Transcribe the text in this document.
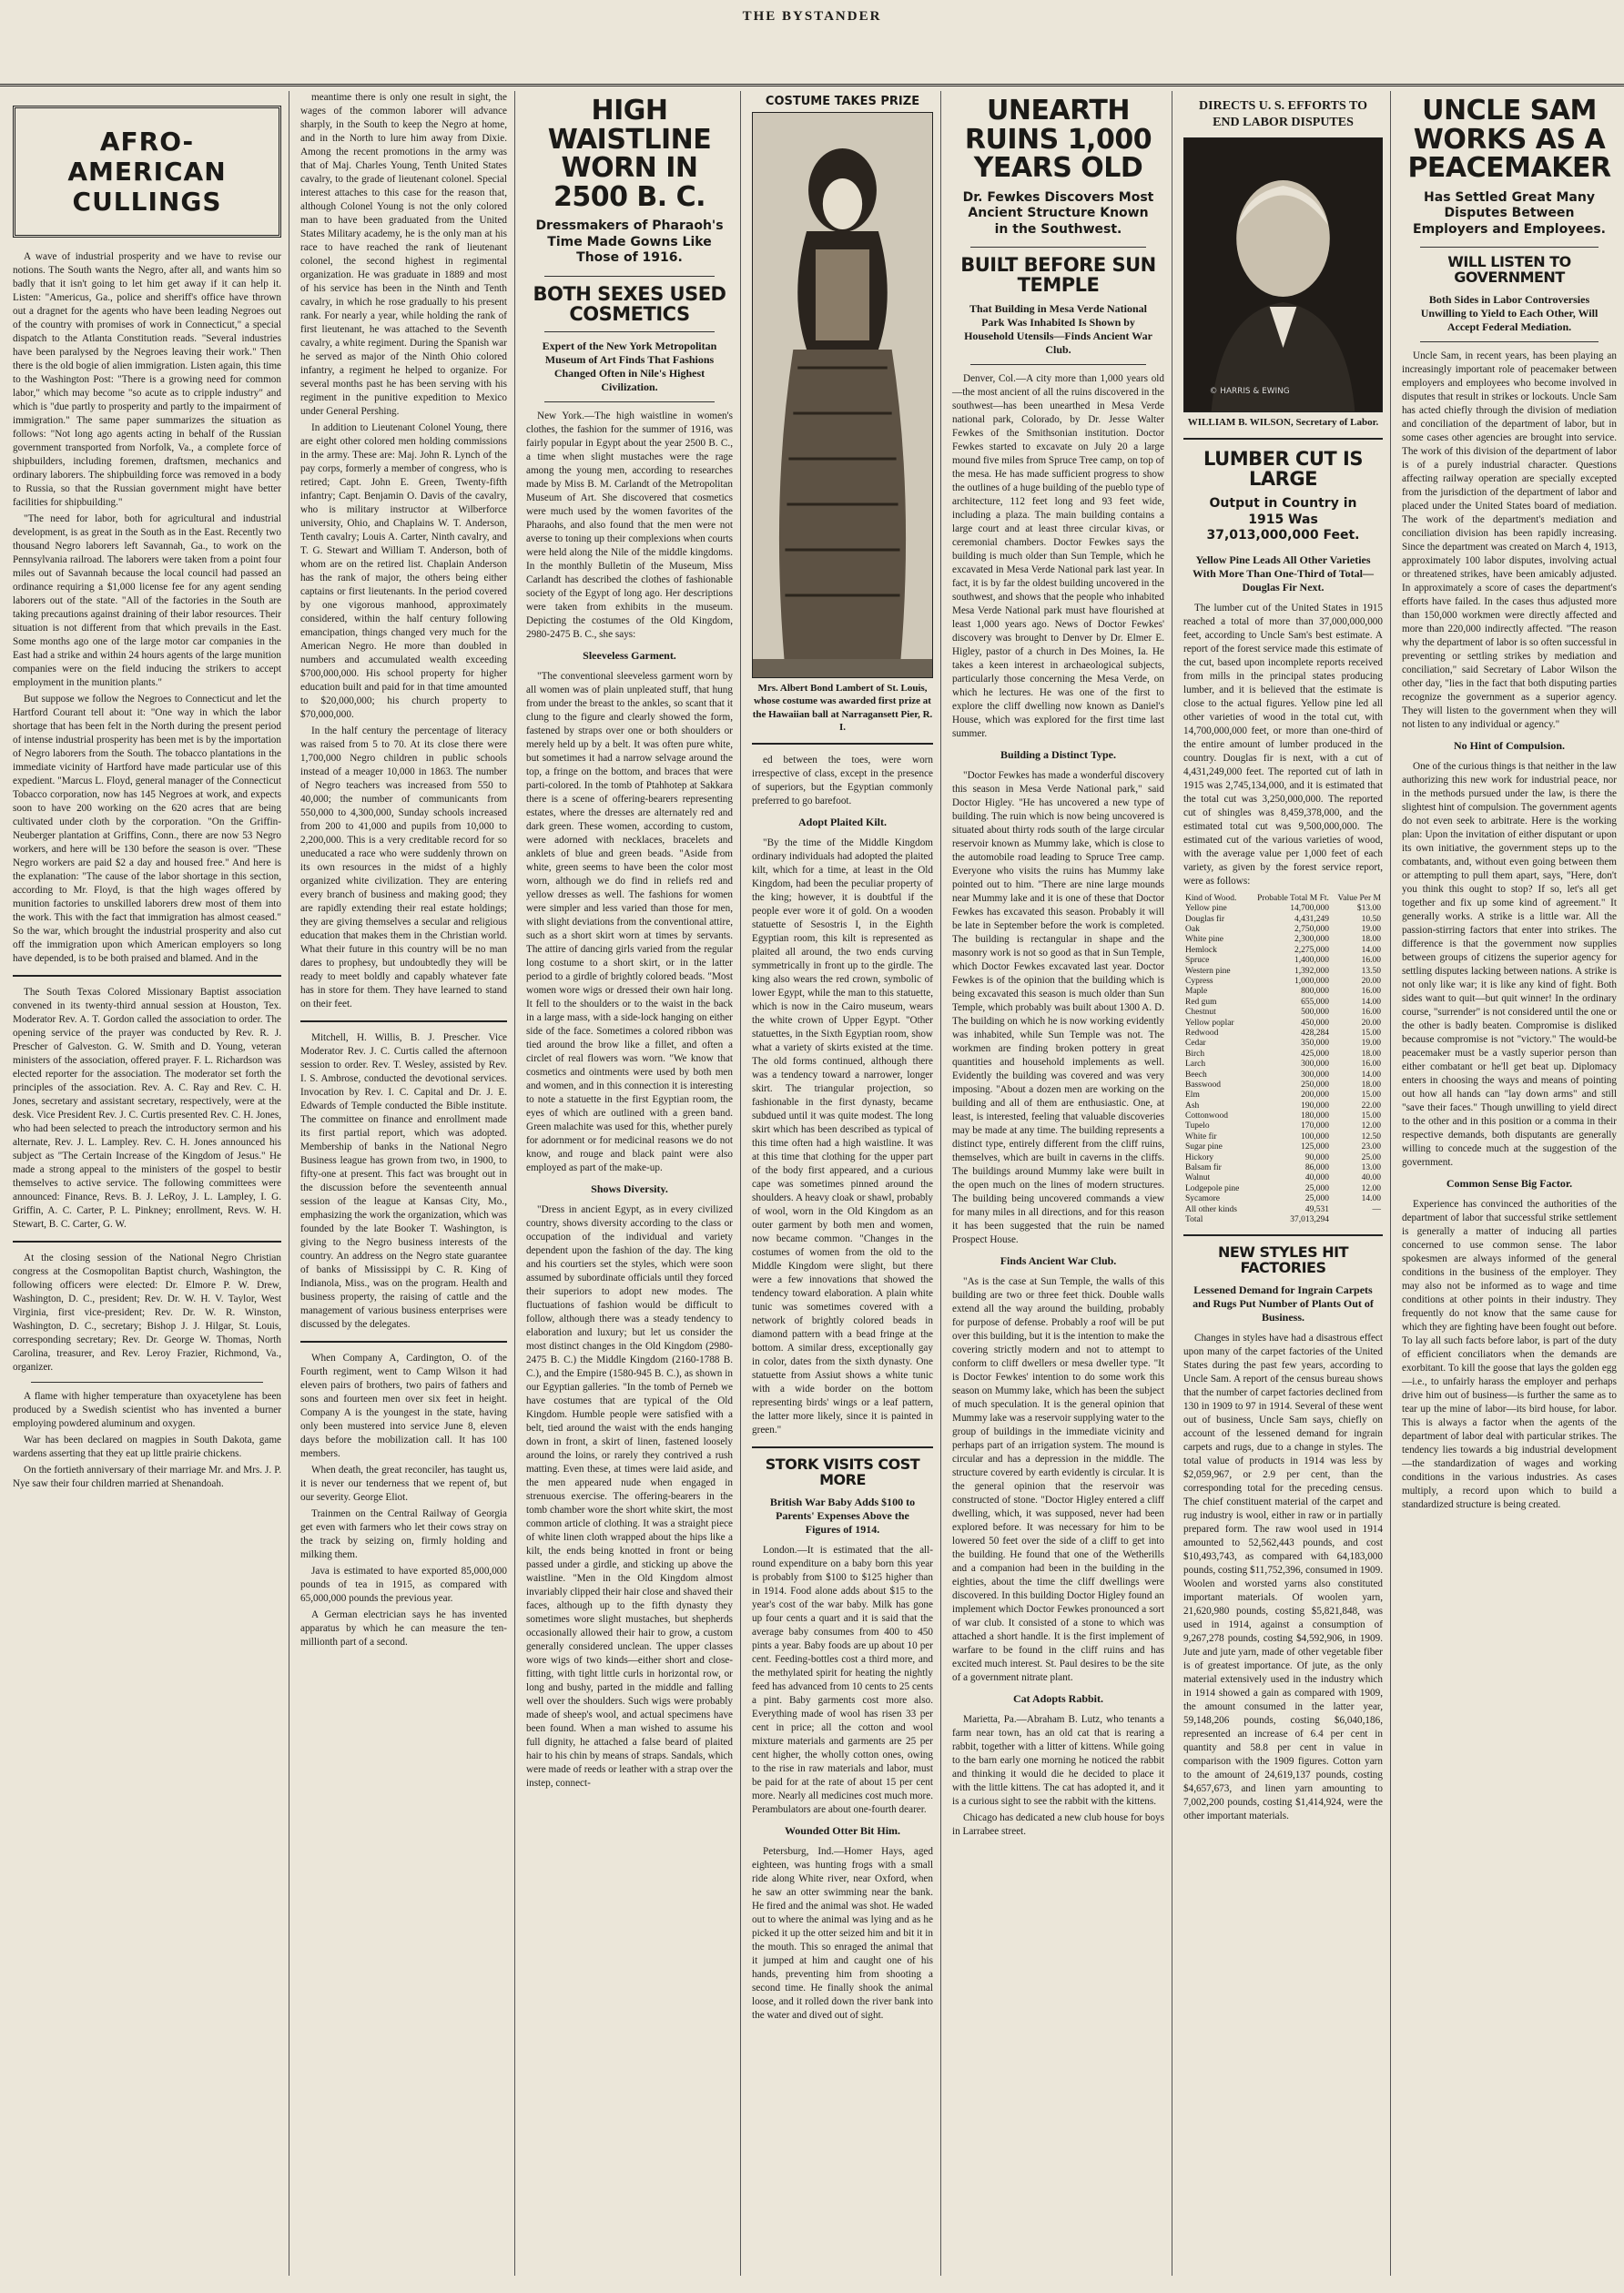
THE BYSTANDER
AFRO-AMERICAN CULLINGS

A wave of industrial prosperity and we have to revise our notions. The South wants the Negro, after all, and wants him so badly that it isn't going to let him get away if it can help it. Listen: "Americus, Ga., police and sheriff's office have thrown out a dragnet for the agents who have been leading Negroes out of the country with promises of work in Connecticut," a special dispatch to the Atlanta Constitution reads. "Several industries have been paralysed by the Negroes leaving their work." Then there is the old bogie of alien immigration. Listen again, this time to the Washington Post: "There is a growing need for common labor," which may become "so acute as to cripple industry" and which is "due partly to prosperity and partly to the impairment of immigration." The same paper summarizes the situation as follows: "Not long ago agents acting in behalf of the Russian government transported from Norfolk, Va., a complete force of shipbuilders, including foremen, draftsmen, mechanics and ordinary laborers. The shipbuilding force was removed in a body to Russia, so that the Russian government might have better facilities for shipbuilding."

"The need for labor, both for agricultural and industrial development, is as great in the South as in the East. Recently two thousand Negro laborers left Savannah, Ga., to work on the Pennsylvania railroad. The laborers were taken from a point four miles out of Savannah because the local council had passed an ordinance requiring a $1,000 license fee for any agent sending laborers out of the state. "All of the factories in the South are taking precautions against draining of their labor resources. Their situation is not different from that which prevails in the East. Some months ago one of the large motor car companies in the East had a strike and within 24 hours agents of the large munition companies were on the field inducing the strikers to accept employment in the munition plants."

But suppose we follow the Negroes to Connecticut and let the Hartford Courant tell about it: "One way in which the labor shortage that has been felt in the North during the present period of intense industrial prosperity has been met is by the importation of Negro laborers from the South. The tobacco plantations in the immediate vicinity of Hartford have made particular use of this expedient. "Marcus L. Floyd, general manager of the Connecticut Tobacco corporation, now has 145 Negroes at work, and expects soon to have 200 working on the 620 acres that are being cultivated under cloth by the corporation. "On the Griffin-Neuberger plantation at Griffins, Conn., there are now 53 Negro workers, and here will be 130 before the season is over. "These Negro workers are paid $2 a day and housed free." And here is the explanation: "The cause of the labor shortage in this section, according to Mr. Floyd, is that the high wages offered by munition factories to unskilled laborers drew most of them into the work. This with the fact that immigration has almost ceased." So the war, which brought the industrial prosperity and also cut off the immigration upon which American employers so long have depended, is to be both praised and blamed. And in the

The South Texas Colored Missionary Baptist association convened in its twenty-third annual session at Houston, Tex. Moderator Rev. A. T. Gordon called the association to order. The opening service of the prayer was conducted by Rev. R. J. Prescher of Galveston. G. W. Smith and D. Young, veteran ministers of the association, offered prayer. F. L. Richardson was elected reporter for the association. The moderator set forth the principles of the association. Rev. A. C. Ray and Rev. C. H. Jones, secretary and assistant secretary, respectively, were at the desk. Vice President Rev. J. C. Curtis presented Rev. C. H. Jones, who had been selected to preach the introductory sermon and his alternate, Rev. J. L. Lampley. Rev. C. H. Jones announced his subject as "The Certain Increase of the Kingdom of Jesus." He made a strong appeal to the ministers of the gospel to bestir themselves to active service. The following committees were announced: Finance, Revs. B. J. LeRoy, J. L. Lampley, I. G. Griffin, A. C. Carter, P. L. Pinkney; enrollment, Revs. W. H. Stewart, B. C. Carter, G. W.

At the closing session of the National Negro Christian congress at the Cosmopolitan Baptist church, Washington, the following officers were elected: Dr. Elmore P. W. Drew, Washington, D. C., president; Rev. Dr. W. H. V. Taylor, West Virginia, first vice-president; Rev. Dr. W. R. Winston, Washington, D. C., secretary; Bishop J. J. Hilgar, St. Louis, corresponding secretary; Rev. Dr. George W. Thomas, North Carolina, treasurer, and Rev. Leroy Frazier, Richmond, Va., organizer.

A flame with higher temperature than oxyacetylene has been produced by a Swedish scientist who has invented a burner employing powdered aluminum and oxygen.

War has been declared on magpies in South Dakota, game wardens asserting that they eat up little prairie chickens.

On the fortieth anniversary of their marriage Mr. and Mrs. J. P. Nye saw their four children married at Shenandoah.

meantime there is only one result in sight, the wages of the common laborer will advance sharply, in the South to keep the Negro at home, and in the North to lure him away from Dixie. Among the recent promotions in the army was that of Maj. Charles Young, Tenth United States cavalry, to the grade of lieutenant colonel. Special interest attaches to this case for the reason that, although Colonel Young is not the only colored man to have been graduated from the United States Military academy, he is the only man at his race to have reached the rank of lieutenant colonel, the second highest in regimental organization. He was graduate in 1889 and most of his service has been in the Ninth and Tenth cavalry, in which he rose gradually to his present rank. For nearly a year, while holding the rank of first lieutenant, he was attached to the Seventh cavalry, a white regiment. During the Spanish war he served as major of the Ninth Ohio colored infantry, a regiment he helped to organize. For several months past he has been serving with his regiment in the punitive expedition to Mexico under General Pershing.

In addition to Lieutenant Colonel Young, there are eight other colored men holding commissions in the army. These are: Maj. John R. Lynch of the pay corps, formerly a member of congress, who is retired; Capt. John E. Green, Twenty-fifth infantry; Capt. Benjamin O. Davis of the cavalry, who is military instructor at Wilberforce university, Ohio, and Chaplains W. T. Anderson, Tenth cavalry; Louis A. Carter, Ninth cavalry, and T. G. Stewart and William T. Anderson, both of whom are on the retired list. Chaplain Anderson has the rank of major, the others being either captains or first lieutenants. In the period covered by one vigorous manhood, approximately considered, within the half century following emancipation, things changed very much for the American Negro. He more than doubled in numbers and accumulated wealth exceeding $700,000,000. His school property for higher education built and paid for in that time amounted to $20,000,000; his church property to $70,000,000.

In the half century the percentage of literacy was raised from 5 to 70. At its close there were 1,700,000 Negro children in public schools instead of a meager 10,000 in 1863. The number of Negro teachers was increased from 550 to 40,000; the number of communicants from 550,000 to 4,300,000, Sunday schools increased from 200 to 41,000 and pupils from 10,000 to 2,200,000. This is a very creditable record for so uneducated a race who were suddenly thrown on its own resources in the midst of a highly organized white civilization. They are entering every branch of business and making good; they are rapidly extending their real estate holdings; they are giving themselves a secular and religious education that makes them in the Christian world. What their future in this country will be no man dares to prophesy, but undoubtedly they will be ready to meet boldly and capably whatever fate has in store for them. They have learned to stand on their feet.

Mitchell, H. Willis, B. J. Prescher. Vice Moderator Rev. J. C. Curtis called the afternoon session to order. Rev. T. Wesley, assisted by Rev. I. S. Ambrose, conducted the devotional services. Invocation by Rev. I. C. Capital and Dr. J. E. Edwards of Temple conducted the Bible institute. The committee on finance and enrollment made its first partial report, which was adopted. Membership of banks in the National Negro Business league has grown from two, in 1900, to fifty-one at present. This fact was brought out in the discussion before the seventeenth annual session of the league at Kansas City, Mo., emphasizing the work the organization, which was founded by the late Booker T. Washington, is giving to the Negro business interests of the country. An address on the Negro state guarantee of banks of Mississippi by C. R. King of Indianola, Miss., was on the program. Health and business property, the raising of cattle and the management of various business enterprises were discussed by the delegates.

When Company A, Cardington, O. of the Fourth regiment, went to Camp Wilson it had eleven pairs of brothers, two pairs of fathers and sons and fourteen men over six feet in height. Company A is the youngest in the state, having only been mustered into service June 8, eleven days before the mobilization call. It has 100 members.

When death, the great reconciler, has taught us, it is never our tenderness that we repent of, but our severity. George Eliot.

Trainmen on the Central Railway of Georgia get even with farmers who let their cows stray on the track by seizing on, firmly holding and milking them.

Java is estimated to have exported 85,000,000 pounds of tea in 1915, as compared with 65,000,000 pounds the previous year.

A German electrician says he has invented apparatus by which he can measure the ten-millionth part of a second.

HIGH WAISTLINE WORN IN 2500 B. C.
Dressmakers of Pharaoh's Time Made Gowns Like Those of 1916.
BOTH SEXES USED COSMETICS
Expert of the New York Metropolitan Museum of Art Finds That Fashions Changed Often in Nile's Highest Civilization.

New York.—The high waistline in women's clothes, the fashion for the summer of 1916, was fairly popular in Egypt about the year 2500 B. C., a time when slight mustaches were the rage among the young men, according to researches made by Miss B. M. Carlandt of the Metropolitan Museum of Art. She discovered that cosmetics were much used by the women favorites of the Pharaohs, and also found that the men were not averse to toning up their complexions when courts were held along the Nile of the middle kingdoms. In the monthly Bulletin of the Museum, Miss Carlandt has described the clothes of fashionable society of the Egypt of long ago. Her descriptions were taken from exhibits in the museum. Depicting the costumes of the Old Kingdom, 2980-2475 B. C., she says:

Sleeveless Garment.

"The conventional sleeveless garment worn by all women was of plain unpleated stuff, that hung from under the breast to the ankles, so scant that it clung to the figure and clearly showed the form, fastened by straps over one or both shoulders or merely held up by a belt. It was often pure white, but sometimes it had a narrow selvage around the top, a fringe on the bottom, and braces that were parti-colored. In the tomb of Ptahhotep at Sakkara there is a scene of offering-bearers representing estates, where the dresses are alternately red and dark green. These women, according to custom, were adorned with necklaces, bracelets and anklets of blue and green beads. "Aside from white, green seems to have been the color most worn, although we do find in reliefs red and yellow dresses as well. The fashions for women were simpler and less varied than those for men, with slight deviations from the conventional attire, such as a short skirt worn at times by servants. The attire of dancing girls varied from the regular long costume to a short skirt, or in the latter period to a girdle of brightly colored beads. "Most women wore wigs or dressed their own hair long. It fell to the shoulders or to the waist in the back in a large mass, with a side-lock hanging on either side of the face. Sometimes a colored ribbon was tied around the brow like a fillet, and often a circlet of real flowers was worn. "We know that cosmetics and ointments were used by both men and women, and in this connection it is interesting to note a statuette in the first Egyptian room, the eyes of which are outlined with a green band. Green malachite was used for this, whether purely for adornment or for medicinal reasons we do not know, and rouge and black paint were also employed as part of the make-up.

Shows Diversity.

"Dress in ancient Egypt, as in every civilized country, shows diversity according to the class or occupation of the individual and variety dependent upon the fashion of the day. The king and his courtiers set the styles, which were soon assumed by subordinate officials until they forced their superiors to adopt new modes. The fluctuations of fashion would be difficult to follow, although there was a steady tendency to elaboration and luxury; but let us consider the most distinct changes in the Old Kingdom (2980-2475 B. C.) the Middle Kingdom (2160-1788 B. C.), and the Empire (1580-945 B. C.), as shown in our Egyptian galleries. "In the tomb of Perneb we have costumes that are typical of the Old Kingdom. Humble people were satisfied with a belt, tied around the waist with the ends hanging down in front, a skirt of linen, fastened loosely around the loins, or rarely they contrived a rush matting. Even these, at times were laid aside, and the men appeared nude when engaged in strenuous exercise. The offering-bearers in the tomb chamber wore the short white skirt, the most common article of clothing. It was a straight piece of white linen cloth wrapped about the hips like a kilt, the ends being knotted in front or being passed under a girdle, and sticking up above the waistline. "Men in the Old Kingdom almost invariably clipped their hair close and shaved their faces, although up to the fifth dynasty they sometimes wore slight mustaches, but shepherds occasionally allowed their hair to grow, a custom generally considered unclean. The upper classes wore wigs of two kinds—either short and close-fitting, with tight little curls in horizontal row, or long and bushy, parted in the middle and falling well over the shoulders. Such wigs were probably made of sheep's wool, and actual specimens have been found. When a man wished to assume his full dignity, he attached a false beard of plaited hair to his chin by means of straps. Sandals, which were made of reeds or leather with a strap over the instep, connect-

COSTUME TAKES PRIZE
Mrs. Albert Bond Lambert of St. Louis, whose costume was awarded first prize at the Hawaiian ball at Narragansett Pier, R. I.

ed between the toes, were worn irrespective of class, except in the presence of superiors, but the Egyptian commonly preferred to go barefoot.

Adopt Plaited Kilt.

"By the time of the Middle Kingdom ordinary individuals had adopted the plaited kilt, which for a time, at least in the Old Kingdom, had been the peculiar property of the king; however, it is doubtful if the people ever wore it of gold. On a wooden statuette of Sesostris I, in the Eighth Egyptian room, this kilt is represented as plaited all around, the two ends curving symmetrically in front up to the girdle. The king also wears the red crown, symbolic of lower Egypt, while the man to this statuette, which is now in the Cairo museum, wears the white crown of Upper Egypt. "Other statuettes, in the Sixth Egyptian room, show what a variety of skirts existed at the time. The old forms continued, although there was a tendency toward a narrower, longer skirt. The triangular projection, so fashionable in the first dynasty, became subdued until it was quite modest. The long skirt which has been described as typical of this time often had a high waistline. It was at this time that clothing for the upper part of the body first appeared, and a curious cape was sometimes pinned around the shoulders. A heavy cloak or shawl, probably of wool, worn in the Old Kingdom as an outer garment by both men and women, now became common. "Changes in the costumes of women from the old to the Middle Kingdom were slight, but there were a few innovations that showed the tendency toward elaboration. A plain white tunic was sometimes covered with a network of brightly colored beads in diamond pattern with a bead fringe at the bottom. A similar dress, exceptionally gay in color, dates from the sixth dynasty. One statuette from Assiut shows a white tunic with a wide border on the bottom representing birds' wings or a leaf pattern, the latter more likely, since it is painted in green."

STORK VISITS COST MORE
British War Baby Adds $100 to Parents' Expenses Above the Figures of 1914.

London.—It is estimated that the all-round expenditure on a baby born this year is probably from $100 to $125 higher than in 1914. Food alone adds about $15 to the year's cost of the war baby. Milk has gone up four cents a quart and it is said that the average baby consumes from 400 to 450 pints a year. Baby foods are up about 10 per cent. Feeding-bottles cost a third more, and the methylated spirit for heating the nightly feed has advanced from 10 cents to 25 cents a pint. Baby garments cost more also. Everything made of wool has risen 33 per cent in price; all the cotton and wool mixture materials and garments are 25 per cent higher, the wholly cotton ones, owing to the rise in raw materials and labor, must be paid for at the rate of about 15 per cent more. Nearly all medicines cost much more. Perambulators are about one-fourth dearer.

Wounded Otter Bit Him.

Petersburg, Ind.—Homer Hays, aged eighteen, was hunting frogs with a small ride along White river, near Oxford, when he saw an otter swimming near the bank. He fired and the animal was shot. He waded out to where the animal was lying and as he picked it up the otter seized him and bit it in the mouth. This so enraged the animal that it jumped at him and caught one of his hands, preventing him from shooting a second time. He finally shook the animal loose, and it rolled down the river bank into the water and dived out of sight.

UNEARTH RUINS 1,000 YEARS OLD
Dr. Fewkes Discovers Most Ancient Structure Known in the Southwest.
BUILT BEFORE SUN TEMPLE
That Building in Mesa Verde National Park Was Inhabited Is Shown by Household Utensils—Finds Ancient War Club.

Denver, Col.—A city more than 1,000 years old—the most ancient of all the ruins discovered in the southwest—has been unearthed in Mesa Verde national park, Colorado, by Dr. Jesse Walter Fewkes of the Smithsonian institution. Doctor Fewkes started to excavate on July 20 a large mound five miles from Spruce Tree camp, on top of the mesa. He has made sufficient progress to show the outlines of a huge building of the pueblo type of architecture, 112 feet long and 93 feet wide, including a plaza. The main building contains a large court and at least three circular kivas, or ceremonial chambers. Doctor Fewkes says the building is much older than Sun Temple, which he excavated in Mesa Verde National park last year. In fact, it is by far the oldest building uncovered in the southwest, and shows that the people who inhabited Mesa Verde National park must have flourished at least 1,000 years ago. News of Doctor Fewkes' discovery was brought to Denver by Dr. Elmer E. Higley, pastor of a church in Des Moines, Ia. He takes a keen interest in archaeological subjects, particularly those concerning the Mesa Verde, on which he lectures. He was one of the first to explore the cliff dwelling now known as Daniel's House, which was explored for the first time last summer.

Building a Distinct Type.

"Doctor Fewkes has made a wonderful discovery this season in Mesa Verde National park," said Doctor Higley. "He has uncovered a new type of building. The ruin which is now being uncovered is situated about thirty rods south of the large circular reservoir known as Mummy lake, which is close to the automobile road leading to Spruce Tree camp. Everyone who visits the ruins has Mummy lake pointed out to him. "There are nine large mounds near Mummy lake and it is one of these that Doctor Fewkes has excavated this season. Probably it will be late in September before the work is completed. The building is rectangular in shape and the masonry work is not so good as that in Sun Temple, which Doctor Fewkes excavated last year. Doctor Fewkes is of the opinion that the building which is being excavated this season is much older than Sun Temple, which probably was built about 1300 A. D. The building on which he is now working evidently was inhabited, while Sun Temple was not. The workmen are finding broken pottery in great quantities and household implements as well. Evidently the building was covered and was very imposing. "About a dozen men are working on the building and all of them are enthusiastic. One, at least, is interested, feeling that valuable discoveries may be made at any time. The building represents a distinct type, entirely different from the cliff ruins, themselves, which are built in caverns in the cliffs. The buildings around Mummy lake were built in the open much on the lines of modern structures. The building being uncovered commands a view for many miles in all directions, and for this reason it has been suggested that the ruin be named Prospect House.

Finds Ancient War Club.

"As is the case at Sun Temple, the walls of this building are two or three feet thick. Double walls extend all the way around the building, probably for purpose of defense. Probably a roof will be put over this building, but it is the intention to make the covering strictly modern and not to attempt to conform to cliff dwellers or mesa dweller type. "It is Doctor Fewkes' intention to do some work this season on Mummy lake, which has been the subject of much speculation. It is the general opinion that Mummy lake was a reservoir supplying water to the group of buildings in the immediate vicinity and perhaps part of an irrigation system. The mound is circular and has a depression in the middle. The structure covered by earth evidently is circular. It is the general opinion that the reservoir was constructed of stone. "Doctor Higley entered a cliff dwelling, which, it was supposed, never had been explored before. It was necessary for him to be lowered 50 feet over the side of a cliff to get into the building. He found that one of the Wetherills and a companion had been in the building in the eighties, about the time the cliff dwellings were discovered. In this building Doctor Higley found an implement which Doctor Fewkes pronounced a sort of war club. It consisted of a stone to which was attached a short handle. It is the first implement of warfare to be found in the cliff ruins and has excited much interest. St. Paul desires to be the site of a government nitrate plant.

Cat Adopts Rabbit.

Marietta, Pa.—Abraham B. Lutz, who tenants a farm near town, has an old cat that is rearing a rabbit, together with a litter of kittens. While going to the barn early one morning he noticed the rabbit and thinking it would die he decided to place it with the little kittens. The cat has adopted it, and it is a curious sight to see the rabbit with the kittens.

Chicago has dedicated a new club house for boys in Larrabee street.

DIRECTS U. S. EFFORTS TO END LABOR DISPUTES
© HARRIS & EWING
WILLIAM B. WILSON, Secretary of Labor.
LUMBER CUT IS LARGE
Output in Country in 1915 Was 37,013,000,000 Feet.
Yellow Pine Leads All Other Varieties With More Than One-Third of Total—Douglas Fir Next.

The lumber cut of the United States in 1915 reached a total of more than 37,000,000,000 feet, according to Uncle Sam's best estimate. A report of the forest service made this estimate of the cut, based upon incomplete reports received from mills in the principal states producing lumber, and it is believed that the estimate is close to the actual figures. Yellow pine led all other varieties of wood in the total cut, with 14,700,000,000 feet, or more than one-third of the entire amount of lumber produced in the country. Douglas fir is next, with a cut of 4,431,249,000 feet. The reported cut of lath in 1915 was 2,745,134,000, and it is estimated that the total cut was 3,250,000,000. The reported cut of shingles was 8,459,378,000, and the estimated total cut was 9,500,000,000. The estimated cut of the various varieties of wood, with the average value per 1,000 feet of each variety, as given by the forest service report, were as follows:

Kind of Wood.	Probable Total M Ft.	Value Per M
Yellow pine	14,700,000	$13.00
Douglas fir	4,431,249	10.50
Oak	2,750,000	19.00
White pine	2,300,000	18.00
Hemlock	2,275,000	14.00
Spruce	1,400,000	16.00
Western pine	1,392,000	13.50
Cypress	1,000,000	20.00
Maple	800,000	16.00
Red gum	655,000	14.00
Chestnut	500,000	16.00
Yellow poplar	450,000	20.00
Redwood	428,284	15.00
Cedar	350,000	19.00
Birch	425,000	18.00
Larch	300,000	16.00
Beech	300,000	14.00
Basswood	250,000	18.00
Elm	200,000	15.00
Ash	190,000	22.00
Cottonwood	180,000	15.00
Tupelo	170,000	12.00
White fir	100,000	12.50
Sugar pine	125,000	23.00
Hickory	90,000	25.00
Balsam fir	86,000	13.00
Walnut	40,000	40.00
Lodgepole pine	25,000	12.00
Sycamore	25,000	14.00
All other kinds	49,531	—
Total	37,013,294	
NEW STYLES HIT FACTORIES
Lessened Demand for Ingrain Carpets and Rugs Put Number of Plants Out of Business.

Changes in styles have had a disastrous effect upon many of the carpet factories of the United States during the past few years, according to Uncle Sam. A report of the census bureau shows that the number of carpet factories declined from 130 in 1909 to 97 in 1914. Several of these went out of business, Uncle Sam says, chiefly on account of the lessened demand for ingrain carpets and rugs, due to a change in styles. The total value of products in 1914 was less by $2,059,967, or 2.9 per cent, than the corresponding total for the preceding census. The chief constituent material of the carpet and rug industry is wool, either in raw or in partially prepared form. The raw wool used in 1914 amounted to 52,562,443 pounds, and cost $10,493,743, as compared with 64,183,000 pounds, costing $11,752,396, consumed in 1909. Woolen and worsted yarns also constituted important materials. Of woolen yarn, 21,620,980 pounds, costing $5,821,848, was used in 1914, against a consumption of 9,267,278 pounds, costing $4,592,906, in 1909. Jute and jute yarn, made of other vegetable fiber is of greatest importance. Of jute, as the only material extensively used in the industry which in 1914 showed a gain as compared with 1909, the amount consumed in the latter year, 59,148,206 pounds, costing $6,040,186, represented an increase of 6.4 per cent in quantity and 58.8 per cent in value in comparison with the 1909 figures. Cotton yarn to the amount of 24,619,137 pounds, costing $4,657,673, and linen yarn amounting to 7,002,200 pounds, costing $1,414,924, were the other important materials.

UNCLE SAM WORKS AS A PEACEMAKER
Has Settled Great Many Disputes Between Employers and Employees.
WILL LISTEN TO GOVERNMENT
Both Sides in Labor Controversies Unwilling to Yield to Each Other, Will Accept Federal Mediation.

Uncle Sam, in recent years, has been playing an increasingly important role of peacemaker between employers and employees who become involved in disputes that result in strikes or lockouts. Uncle Sam has acted chiefly through the division of mediation and conciliation of the department of labor, but in some cases other agencies are brought into service. The work of this division of the department of labor is of a purely industrial character. Questions affecting railway operation are specially excepted from the jurisdiction of the department of labor and placed under the United States board of mediation. The work of the department's mediation and conciliation division has been rapidly increasing. Since the department was created on March 4, 1913, approximately 100 labor disputes, involving actual or threatened strikes, have been amicably adjusted. In approximately a score of cases the department's efforts have failed. In the cases thus adjusted more than 150,000 workmen were directly affected and more than 220,000 indirectly affected. "The reason why the department of labor is so often successful in preventing or settling strikes by mediation and conciliation," said Secretary of Labor Wilson the other day, "lies in the fact that both disputing parties recognize the government as a superior agency. They will listen to the government when they will not listen to any individual or agency."

No Hint of Compulsion.

One of the curious things is that neither in the law authorizing this new work for industrial peace, nor in the methods pursued under the law, is there the slightest hint of compulsion. The government agents do not even seek to arbitrate. Here is the working plan: Upon the invitation of either disputant or upon its own initiative, the government steps up to the combatants, and, without even going between them or attempting to pull them apart, says, "Here, don't you think this ought to stop? If so, let's all get together and fix up some kind of agreement." It generally works. A strike is a little war. All the passion-stirring factors that enter into strikes. The difference is that the government now supplies between groups of citizens the superior agency for settling disputes lacking between nations. A strike is not only like war; it is like any kind of fight. Both sides want to quit—but quit winner! In the ordinary course, "surrender" is not considered until the one or the other is badly beaten. Compromise is disliked because compromise is not "victory." The would-be peacemaker must be a vastly superior person than either combatant or he'll get beat up. Diplomacy enters in choosing the ways and means of pointing out how all hands can "lay down arms" and still "save their faces." Though unwilling to yield direct to the other and in this position or a comma in their respective demands, both disputants are generally willing to concede much at the suggestion of the government.

Common Sense Big Factor.

Experience has convinced the authorities of the department of labor that successful strike settlement is generally a matter of inducing all parties concerned to use common sense. The labor spokesmen are always informed of the general conditions in the business of the employer. They may also not be informed as to wage and time conditions at other points in their industry. They frequently do not know that the same cause for which they are fighting have been fought out before. To lay all such facts before labor, is part of the duty of efficient conciliators when the demands are exorbitant. To kill the goose that lays the golden egg—i.e., to unfairly harass the employer and perhaps drive him out of business—is further the same as to tear up the mine of labor—its bird house, for labor. This is always a factor when the agents of the department of labor deal with particular strikes. The tendency lies towards a big industrial development—the standardization of wages and working conditions in the various industries. As cases multiply, a record upon which to build a standardized structure is being created.
